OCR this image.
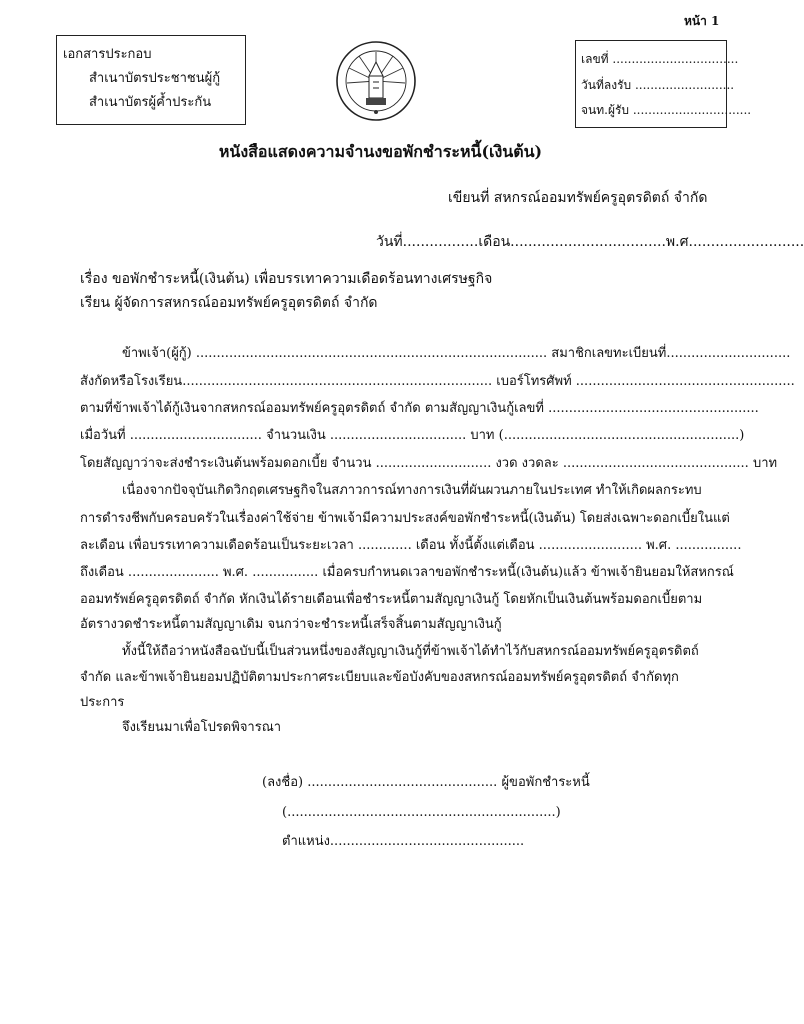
หน้า 1
เอกสารประกอบ
สำเนาบัตรประชาชนผู้กู้
สำเนาบัตรผู้ค้ำประกัน
เลขที่ .................................
วันที่ลงรับ ..........................
จนท.ผู้รับ ...............................
หนังสือแสดงความจำนงขอพักชำระหนี้(เงินต้น)
เขียนที่ สหกรณ์ออมทรัพย์ครูอุตรดิตถ์ จำกัด
วันที่.................เดือน...................................พ.ศ..........................
เรื่อง ขอพักชำระหนี้(เงินต้น) เพื่อบรรเทาความเดือดร้อนทางเศรษฐกิจ
เรียน ผู้จัดการสหกรณ์ออมทรัพย์ครูอุตรดิตถ์ จำกัด
ข้าพเจ้า(ผู้กู้) ..................................................................................... สมาชิกเลขทะเบียนที่..............................
สังกัดหรือโรงเรียน........................................................................... เบอร์โทรศัพท์ .....................................................
ตามที่ข้าพเจ้าได้กู้เงินจากสหกรณ์ออมทรัพย์ครูอุตรดิตถ์ จำกัด ตามสัญญาเงินกู้เลขที่ ...................................................
เมื่อวันที่ ................................ จำนวนเงิน ................................. บาท (.........................................................)
โดยสัญญาว่าจะส่งชำระเงินต้นพร้อมดอกเบี้ย จำนวน ............................ งวด งวดละ ............................................. บาท
เนื่องจากปัจจุบันเกิดวิกฤตเศรษฐกิจในสภาวการณ์ทางการเงินที่ผันผวนภายในประเทศ ทำให้เกิดผลกระทบ
การดำรงชีพกับครอบครัวในเรื่องค่าใช้จ่าย ข้าพเจ้ามีความประสงค์ขอพักชำระหนี้(เงินต้น) โดยส่งเฉพาะดอกเบี้ยในแต่
ละเดือน เพื่อบรรเทาความเดือดร้อนเป็นระยะเวลา ............. เดือน ทั้งนี้ตั้งแต่เดือน ......................... พ.ศ. ................
ถึงเดือน ...................... พ.ศ. ................ เมื่อครบกำหนดเวลาขอพักชำระหนี้(เงินต้น)แล้ว ข้าพเจ้ายินยอมให้สหกรณ์
ออมทรัพย์ครูอุตรดิตถ์ จำกัด หักเงินได้รายเดือนเพื่อชำระหนี้ตามสัญญาเงินกู้ โดยหักเป็นเงินต้นพร้อมดอกเบี้ยตาม
อัตรางวดชำระหนี้ตามสัญญาเดิม จนกว่าจะชำระหนี้เสร็จสิ้นตามสัญญาเงินกู้
ทั้งนี้ให้ถือว่าหนังสือฉบับนี้เป็นส่วนหนึ่งของสัญญาเงินกู้ที่ข้าพเจ้าได้ทำไว้กับสหกรณ์ออมทรัพย์ครูอุตรดิตถ์
จำกัด และข้าพเจ้ายินยอมปฏิบัติตามประกาศระเบียบและข้อบังคับของสหกรณ์ออมทรัพย์ครูอุตรดิตถ์ จำกัดทุก
ประการ
จึงเรียนมาเพื่อโปรดพิจารณา
(ลงชื่อ) .............................................. ผู้ขอพักชำระหนี้
(.................................................................)
ตำแหน่ง...............................................
